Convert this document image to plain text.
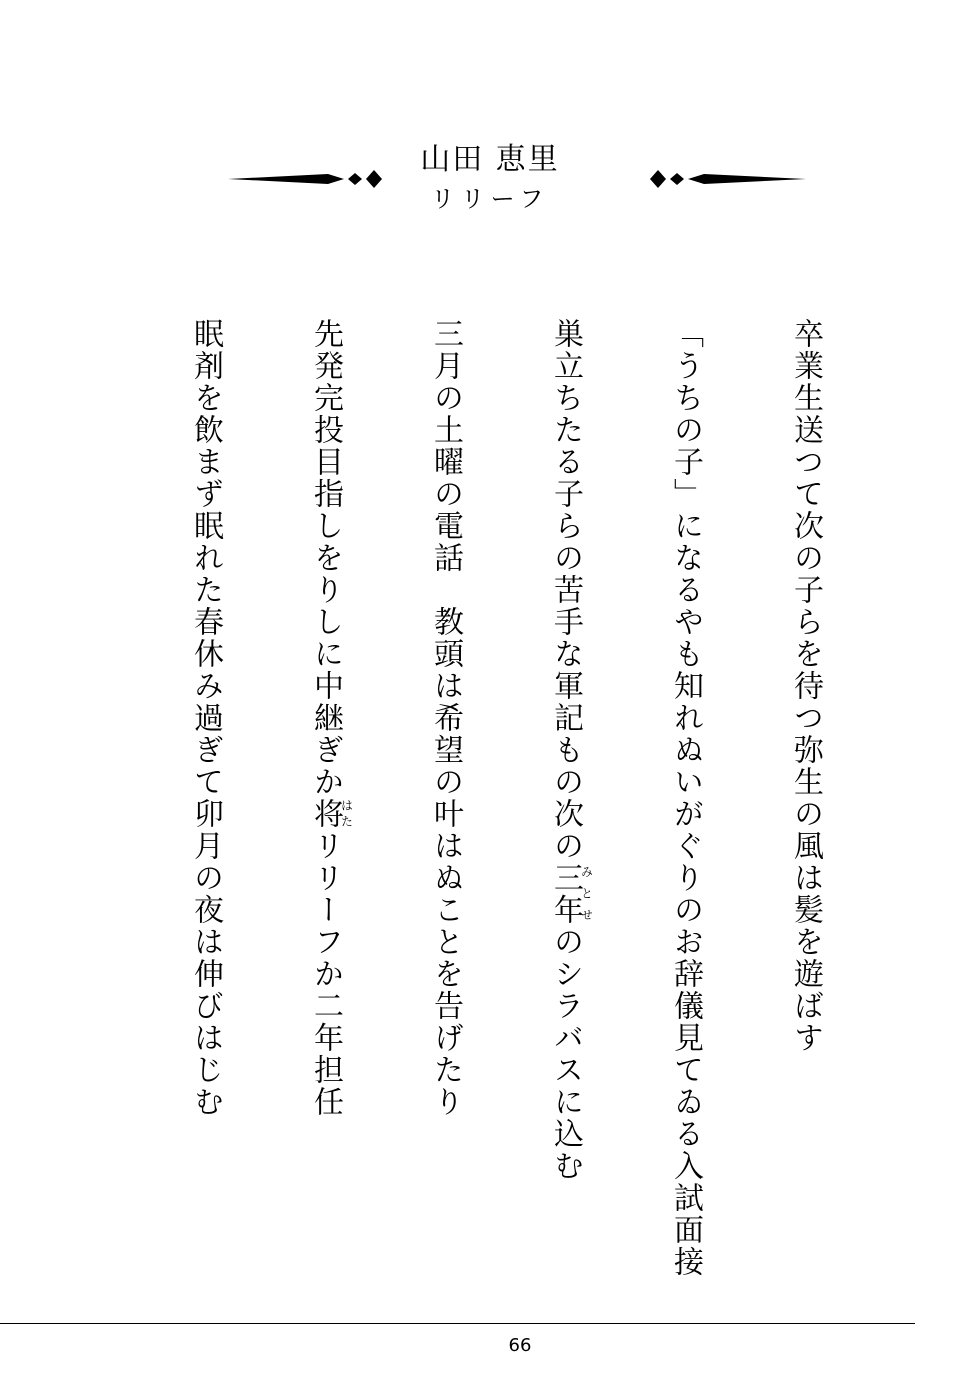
山田 恵里
リリーフ
卒業生送つて次の子らを待つ弥生の風は髪を遊ばす
「うちの子」になるやも知れぬいがぐりのお辞儀見てゐる入試面接
巣立ちたる子らの苦手な軍記もの次の三年みとせのシラバスに込む
三月の土曜の電話　教頭は希望の叶はぬことを告げたり
先発完投目指しをりしに中継ぎか将はたリリーフか二年担任
眠剤を飲まず眠れた春休み過ぎて卯月の夜は伸びはじむ
66
